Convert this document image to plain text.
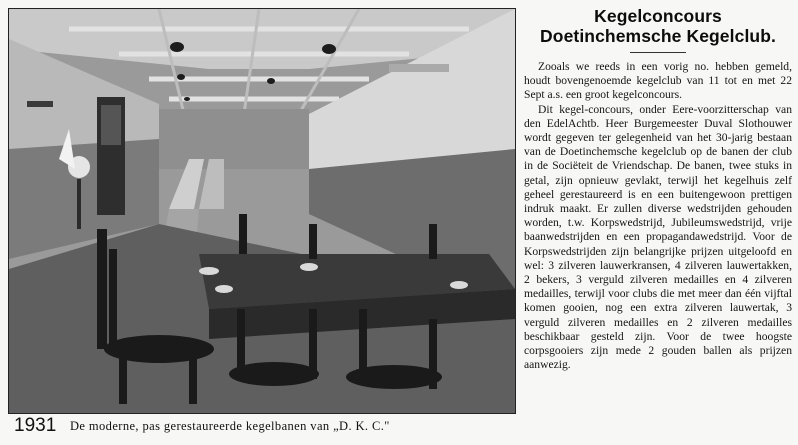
1931 De moderne, pas gerestaureerde kegelbanen van „D. K. C."
Kegelconcours Doetinchemsche Kegelclub.

Zooals we reeds in een vorig no. hebben gemeld, houdt bovengenoemde kegelclub van 11 tot en met 22 Sept a.s. een groot kegelconcours.

Dit kegel-concours, onder Eere-voorzitterschap van den EdelAchtb. Heer Burgemeester Duval Slothouwer wordt gegeven ter gelegenheid van het 30-jarig bestaan van de Doetinchemsche kegelclub op de banen der club in de Sociëteit de Vriendschap. De banen, twee stuks in getal, zijn opnieuw gevlakt, terwijl het kegelhuis zelf geheel gerestaureerd is en een buitengewoon prettigen indruk maakt. Er zullen diverse wedstrijden gehouden worden, t.w. Korpswedstrijd, Jubileumswedstrijd, vrije baanwedstrijden en een propagandawedstrijd. Voor de Korpswedstrijden zijn belangrijke prijzen uitgeloofd en wel: 3 zilveren lauwerkransen, 4 zilveren lauwertakken, 2 bekers, 3 verguld zilveren medailles en 4 zilveren medailles, terwijl voor clubs die met meer dan één vijftal komen gooien, nog een extra zilveren lauwertak, 3 verguld zilveren medailles en 2 zilveren medailles beschikbaar gesteld zijn. Voor de twee hoogste corpsgooiers zijn mede 2 gouden ballen als prijzen aanwezig.
